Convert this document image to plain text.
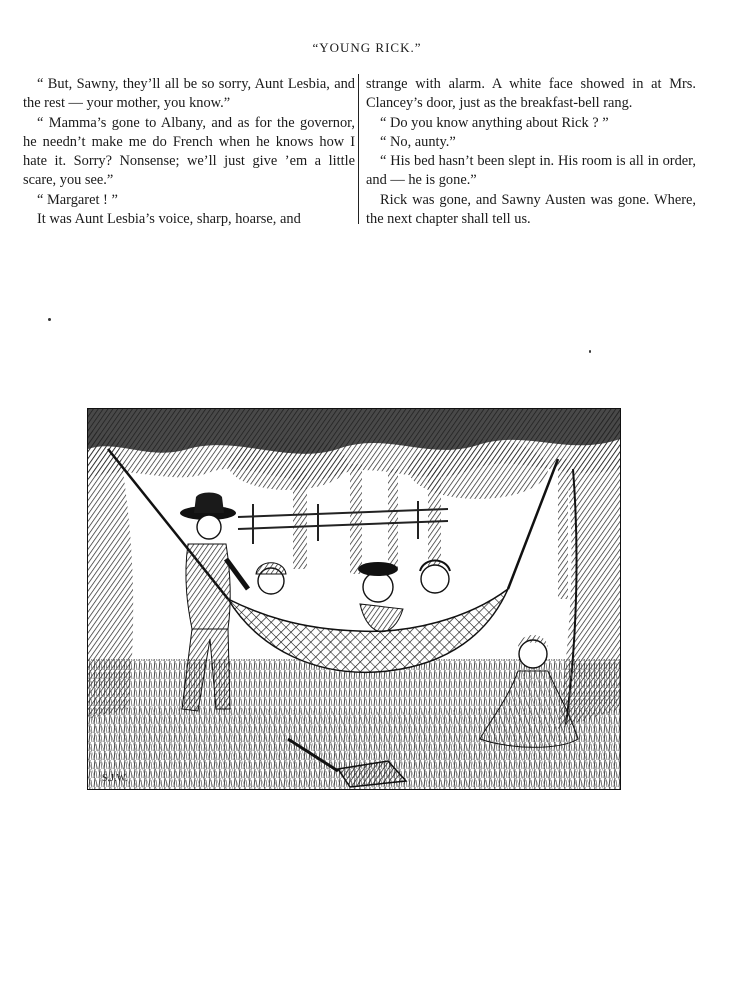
“YOUNG RICK.”

“ But, Sawny, they’ll all be so sorry, Aunt Lesbia, and the rest — your mother, you know.”

“ Mamma’s gone to Albany, and as for the governor, he needn’t make me do French when he knows how I hate it. Sorry? Nonsense; we’ll just give ’em a little scare, you see.”

“ Margaret ! ”

It was Aunt Lesbia’s voice, sharp, hoarse, and

strange with alarm. A white face showed in at Mrs. Clancey’s door, just as the breakfast-bell rang.

“ Do you know anything about Rick ? ”

“ No, aunty.”

“ His bed hasn’t been slept in. His room is all in order, and — he is gone.”

Rick was gone, and Sawny Austen was gone. Where, the next chapter shall tell us.

S.J.W.
